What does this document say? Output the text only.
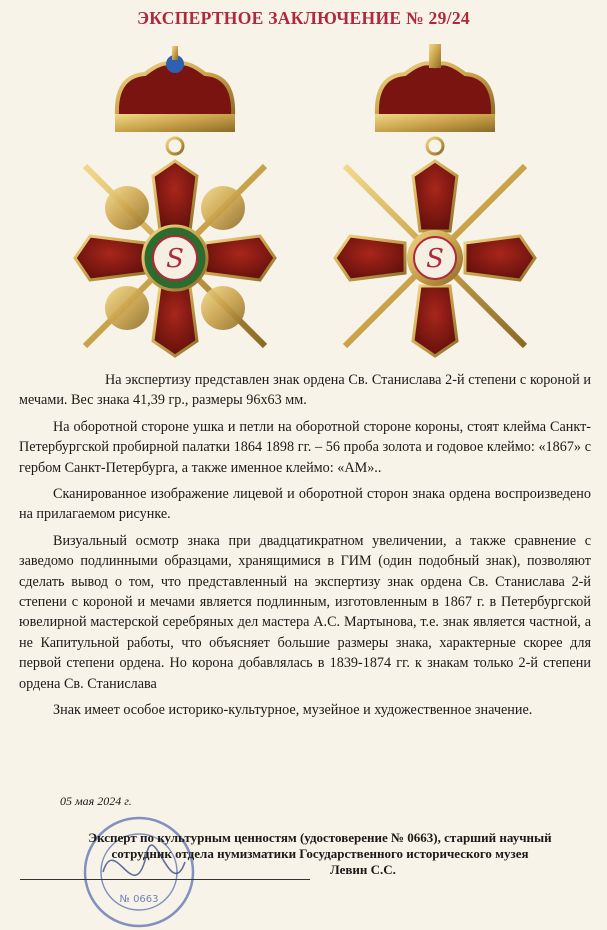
ЭКСПЕРТНОЕ ЗАКЛЮЧЕНИЕ № 29/24
S	S

На экспертизу представлен знак ордена Св. Станислава 2-й степени с короной и мечами. Вес знака 41,39 гр., размеры 96х63 мм.

На оборотной стороне ушка и петли на оборотной стороне короны, стоят клейма Санкт-Петербургской пробирной палатки 1864 1898 гг. – 56 проба золота и годовое клеймо: «1867» с гербом Санкт-Петербурга, а также именное клеймо: «АМ»..

Сканированное изображение лицевой и оборотной сторон знака ордена воспроизведено на прилагаемом рисунке.

Визуальный осмотр знака при двадцатикратном увеличении, а также сравнение с заведомо подлинными образцами, хранящимися в ГИМ (один подобный знак), позволяют сделать вывод о том, что представленный на экспертизу знак ордена Св. Станислава 2-й степени с короной и мечами является подлинным, изготовленным в 1867 г. в Петербургской ювелирной мастерской серебряных дел мастера А.С. Мартынова, т.е. знак является частной, а не Капитульной работы, что объясняет большие размеры знака, характерные скорее для первой степени ордена. Но корона добавлялась в 1839-1874 гг. к знакам только 2-й степени ордена Св. Станислава

Знак имеет особое историко-культурное, музейное и художественное значение.

05 мая 2024 г.
№ 0663
Эксперт по культурным ценностям (удостоверение № 0663), старший научный сотрудник отдела нумизматики Государственного исторического музея
Левин С.С.
